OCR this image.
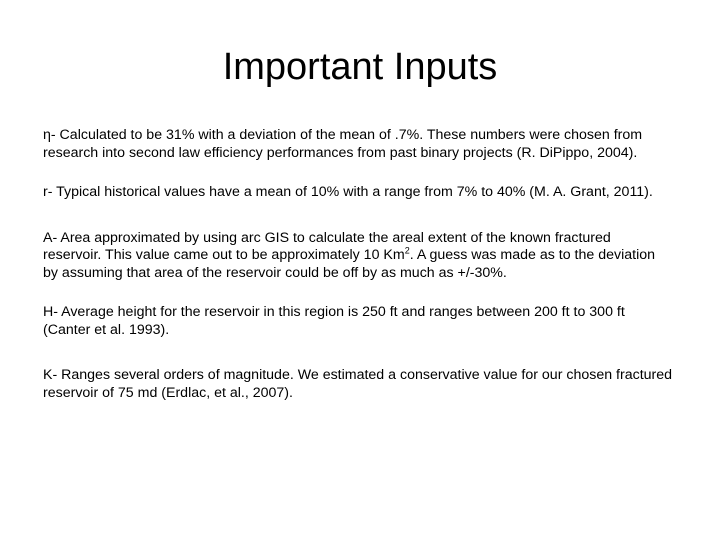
Important Inputs

η- Calculated to be 31% with a deviation of the mean of .7%. These numbers were chosen from research into second law efficiency performances from past binary projects (R. DiPippo, 2004).

r- Typical historical values have a mean of 10% with a range from 7% to 40% (M. A. Grant, 2011).

A- Area approximated by using arc GIS to calculate the areal extent of the known fractured reservoir. This value came out to be approximately 10 Km$^2$. A guess was made as to the deviation by assuming that area of the reservoir could be off by as much as +/-30%.

H- Average height for the reservoir in this region is 250 ft and ranges between 200 ft to 300 ft (Canter et al. 1993).

K- Ranges several orders of magnitude. We estimated a conservative value for our chosen fractured reservoir of 75 md (Erdlac, et al., 2007).
